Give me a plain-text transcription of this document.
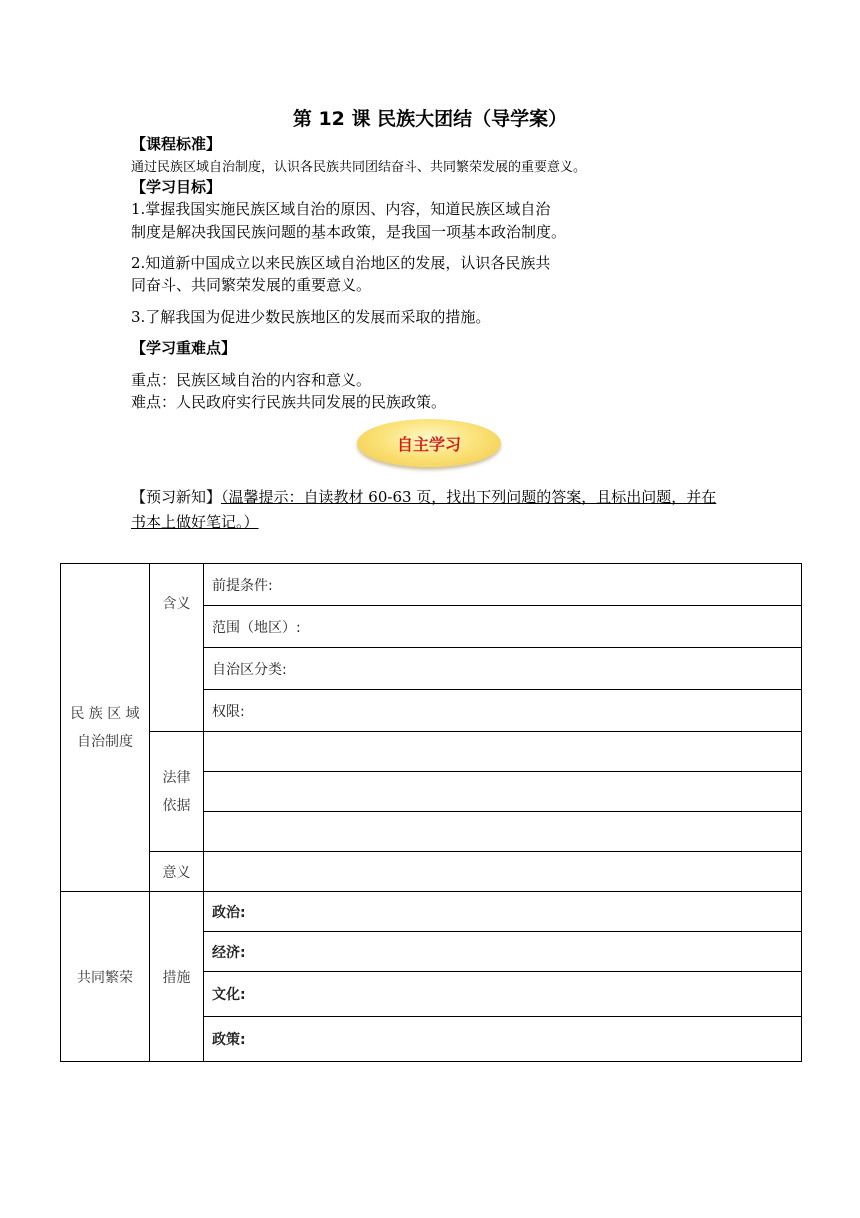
第 12 课 民族大团结（导学案）
【课程标准】
通过民族区域自治制度，认识各民族共同团结奋斗、共同繁荣发展的重要意义。
【学习目标】
1.掌握我国实施民族区域自治的原因、内容，知道民族区域自治
制度是解决我国民族问题的基本政策，是我国一项基本政治制度。
2.知道新中国成立以来民族区域自治地区的发展，认识各民族共
同奋斗、共同繁荣发展的重要意义。
3.了解我国为促进少数民族地区的发展而采取的措施。
【学习重难点】
重点：民族区域自治的内容和意义。
难点：人民政府实行民族共同发展的民族政策。
自主学习
【预习新知】（温馨提示：自读教材 60-63 页，找出下列问题的答案，且标出问题，并在书本上做好笔记。）
民 族 区 域
自治制度	含义	前提条件:
		范围（地区）:
		自治区分类:
		权限:

	法律
依据	

	意义	
共同繁荣	措施	政治:
		经济:
		文化:
		政策:
